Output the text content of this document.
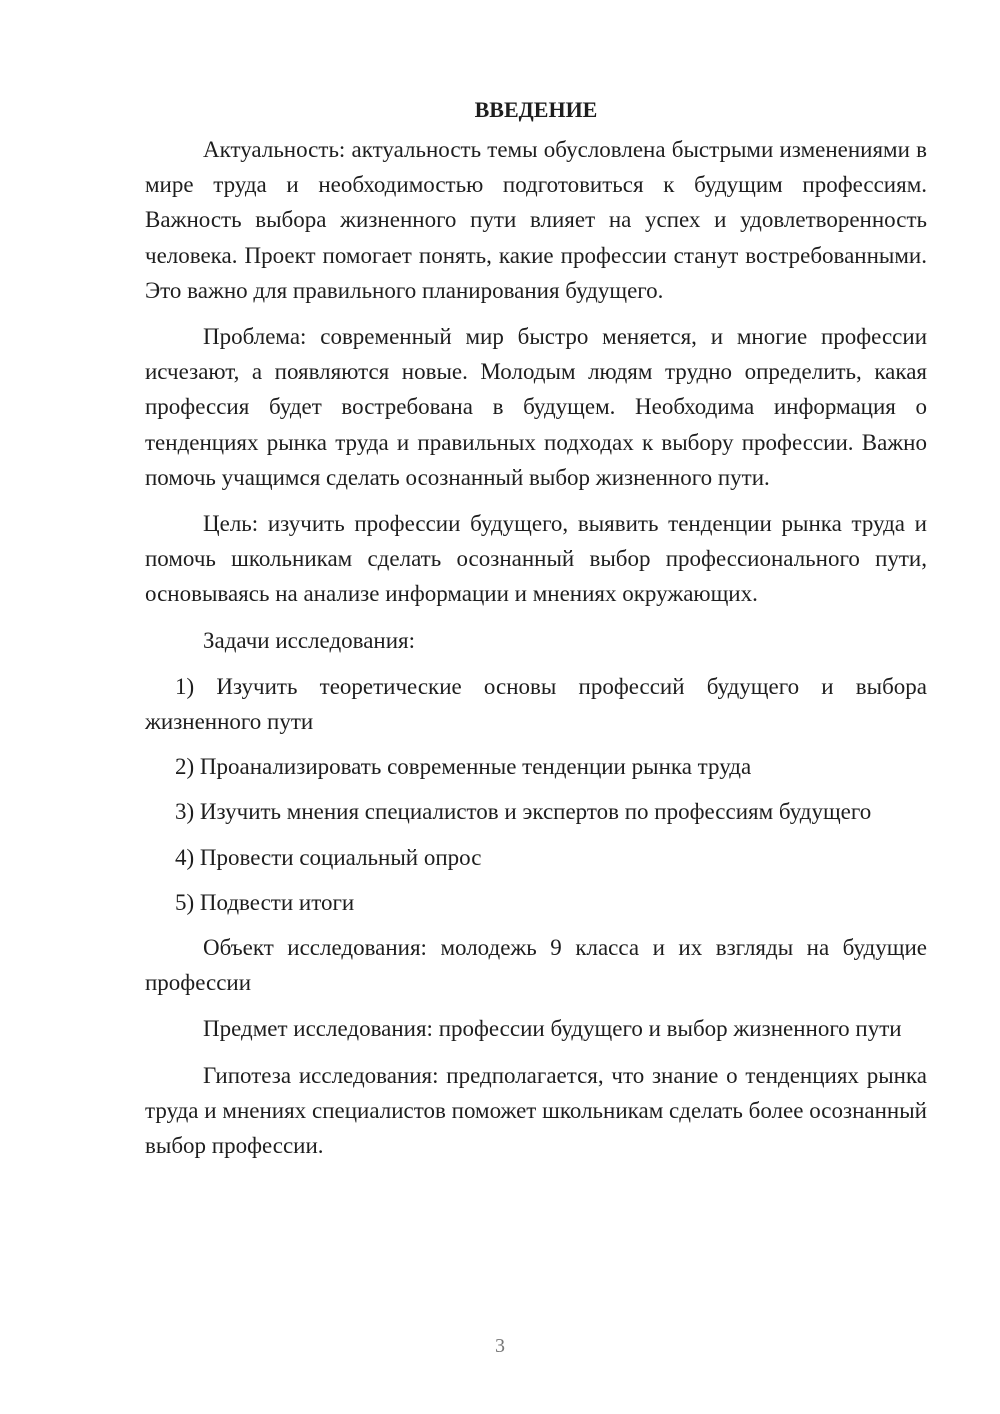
ВВЕДЕНИЕ

Актуальность: актуальность темы обусловлена быстрыми изменениями в мире труда и необходимостью подготовиться к будущим профессиям. Важность выбора жизненного пути влияет на успех и удовлетворенность человека. Проект помогает понять, какие профессии станут востребованными. Это важно для правильного планирования будущего.

Проблема: современный мир быстро меняется, и многие профессии исчезают, а появляются новые. Молодым людям трудно определить, какая профессия будет востребована в будущем. Необходима информация о тенденциях рынка труда и правильных подходах к выбору профессии. Важно помочь учащимся сделать осознанный выбор жизненного пути.

Цель: изучить профессии будущего, выявить тенденции рынка труда и помочь школьникам сделать осознанный выбор профессионального пути, основываясь на анализе информации и мнениях окружающих.

Задачи исследования:

1) Изучить теоретические основы профессий будущего и выбора жизненного пути

2) Проанализировать современные тенденции рынка труда

3) Изучить мнения специалистов и экспертов по профессиям будущего

4) Провести социальный опрос

5) Подвести итоги

Объект исследования: молодежь 9 класса и их взгляды на будущие профессии

Предмет исследования: профессии будущего и выбор жизненного пути

Гипотеза исследования: предполагается, что знание о тенденциях рынка труда и мнениях специалистов поможет школьникам сделать более осознанный выбор профессии.

3
